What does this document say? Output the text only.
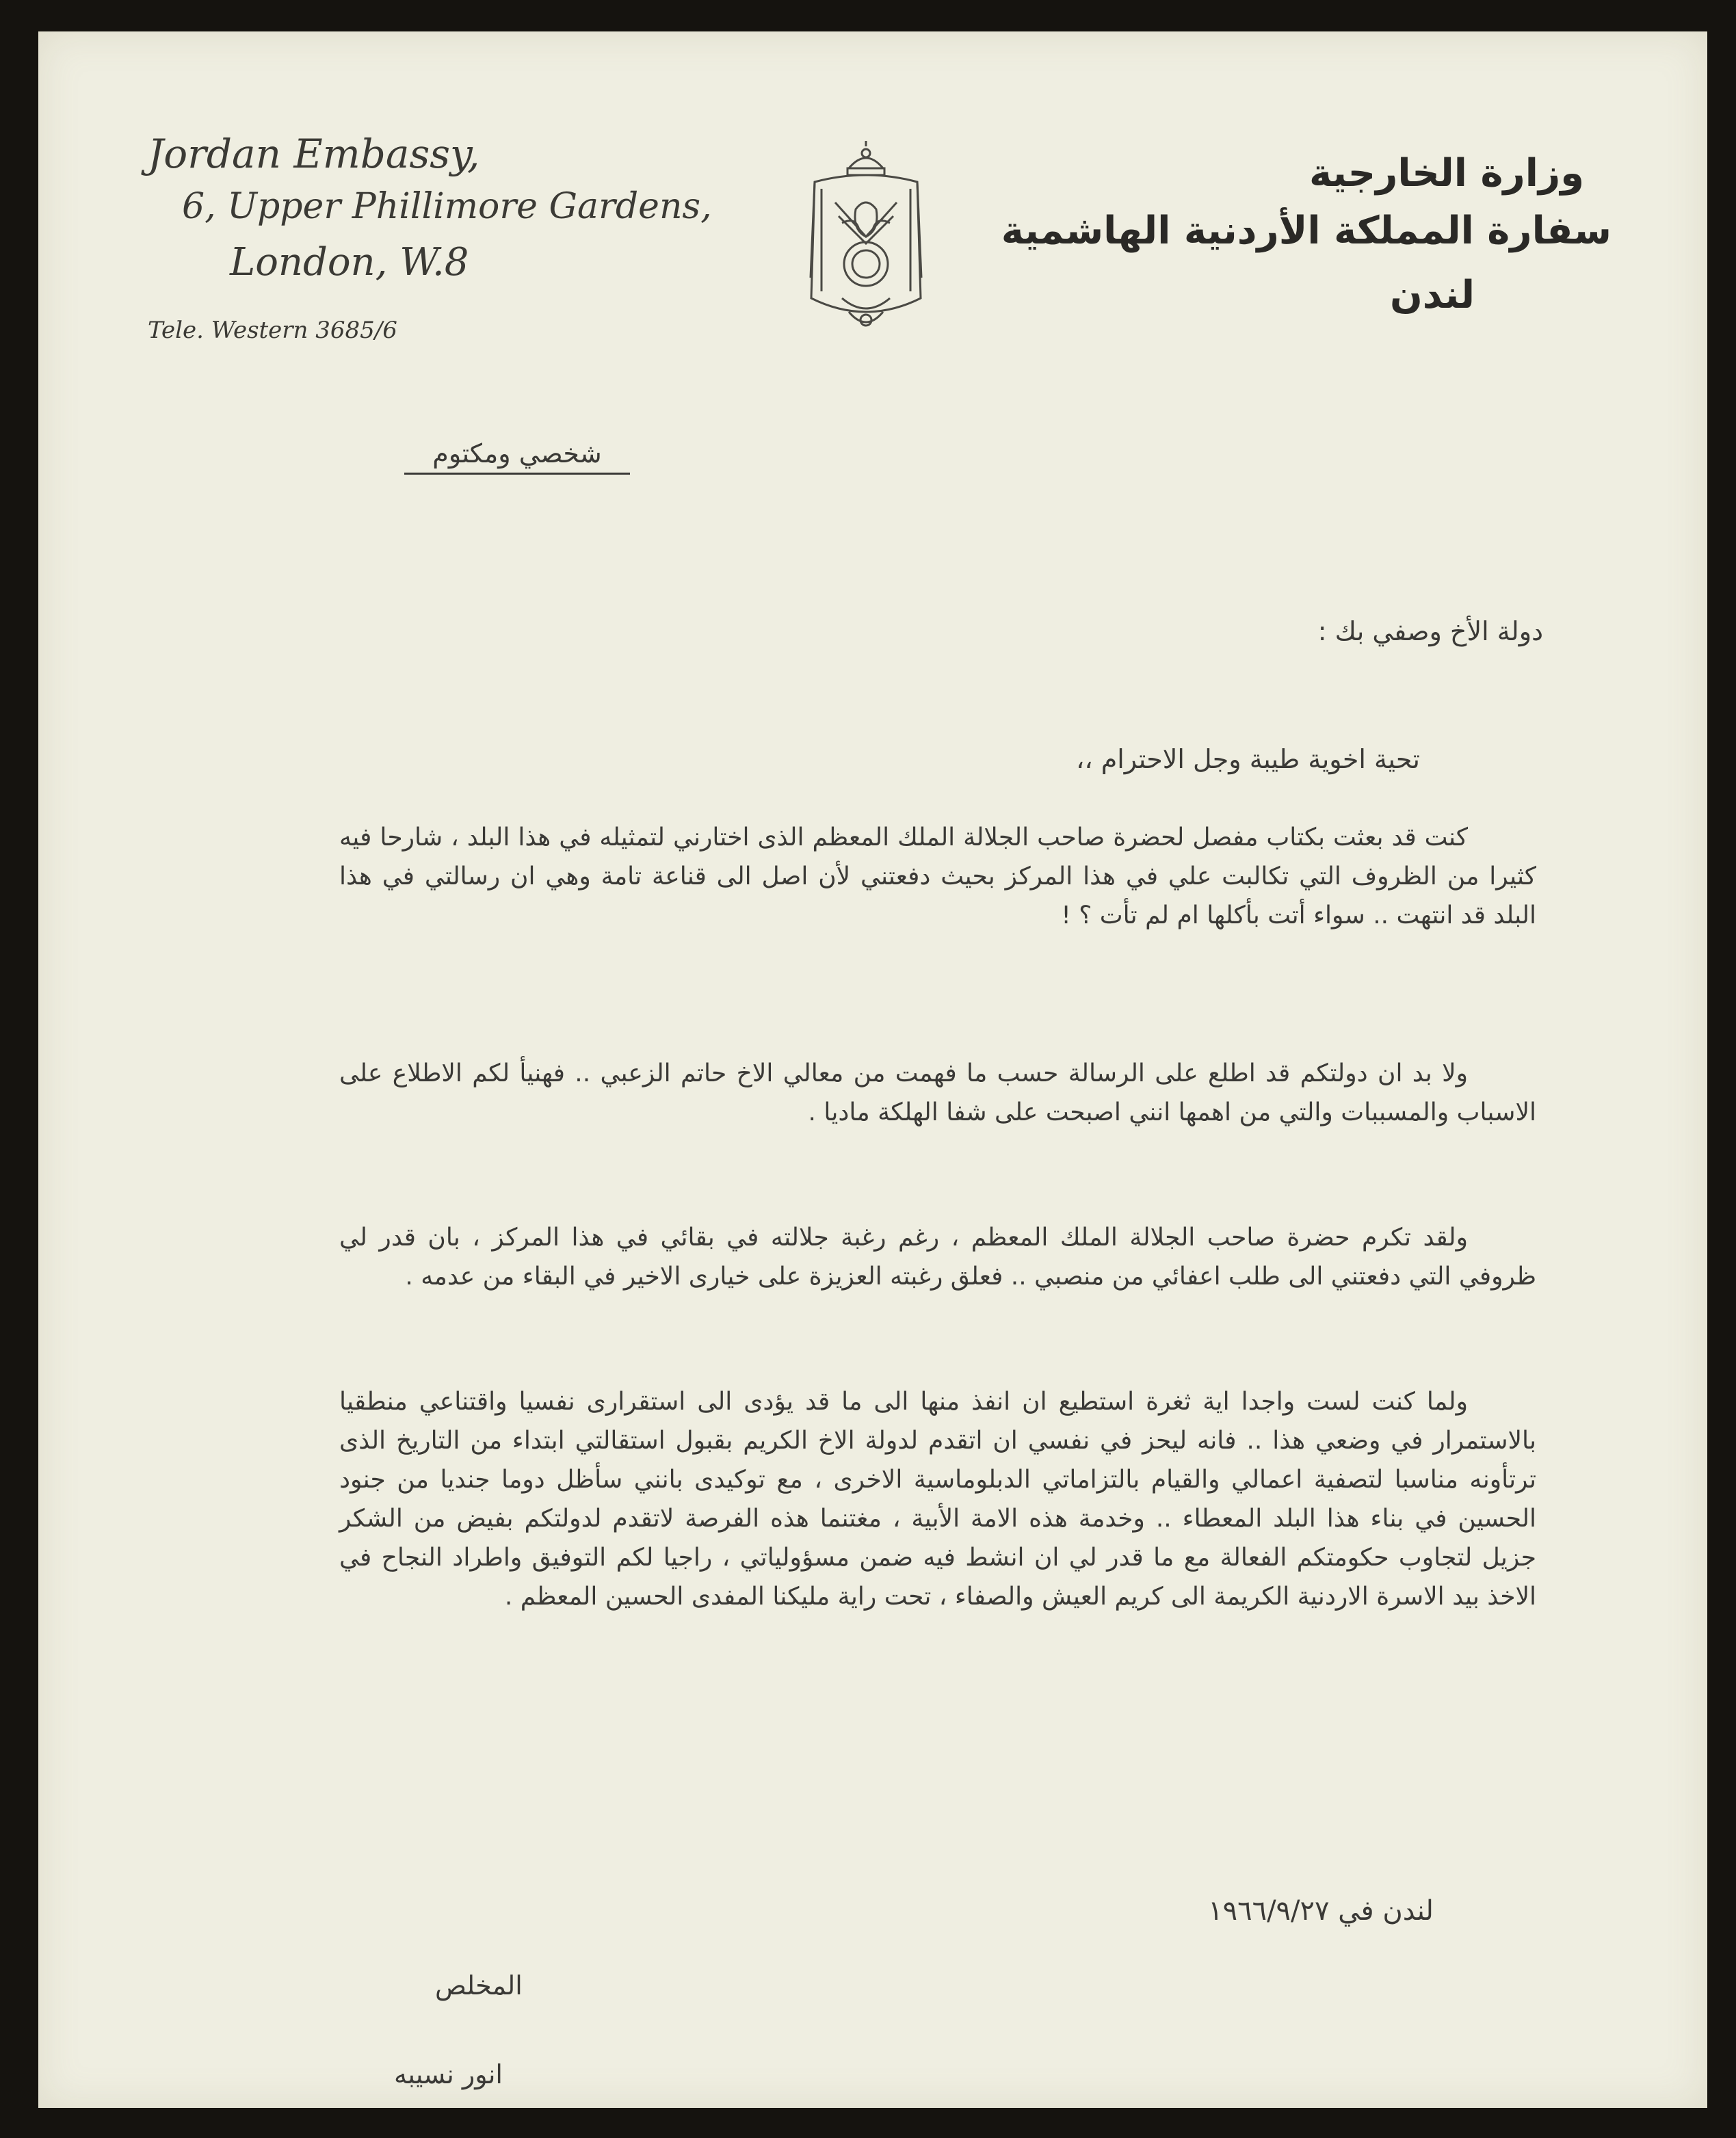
Jordan Embassy,
6, Upper Phillimore Gardens,
London, W.8
Tele. Western 3685/6
وزارة الخارجية
سفارة المملكة الأردنية الهاشمية
لندن
شخصي ومكتوم
دولة الأخ وصفي بك :
تحية اخوية طيبة وجل الاحترام ،،

كنت قد بعثت بكتاب مفصل لحضرة صاحب الجلالة الملك المعظم الذى اختارني لتمثيله في هذا البلد ، شارحا فيه كثيرا من الظروف التي تكالبت علي في هذا المركز بحيث دفعتني لأن اصل الى قناعة تامة وهي ان رسالتي في هذا البلد قد انتهت .. سواء أتت بأكلها ام لم تأت ؟ !

ولا بد ان دولتكم قد اطلع على الرسالة حسب ما فهمت من معالي الاخ حاتم الزعبي .. فهنيأ لكم الاطلاع على الاسباب والمسببات والتي من اهمها انني اصبحت على شفا الهلكة ماديا .

ولقد تكرم حضرة صاحب الجلالة الملك المعظم ، رغم رغبة جلالته في بقائي في هذا المركز ، بان قدر لي ظروفي التي دفعتني الى طلب اعفائي من منصبي .. فعلق رغبته العزيزة على خيارى الاخير في البقاء من عدمه .

ولما كنت لست واجدا اية ثغرة استطيع ان انفذ منها الى ما قد يؤدى الى استقرارى نفسيا واقتناعي منطقيا بالاستمرار في وضعي هذا .. فانه ليحز في نفسي ان اتقدم لدولة الاخ الكريم بقبول استقالتي ابتداء من التاريخ الذى ترتأونه مناسبا لتصفية اعمالي والقيام بالتزاماتي الدبلوماسية الاخرى ، مع توكيدى بانني سأظل دوما جنديا من جنود الحسين في بناء هذا البلد المعطاء .. وخدمة هذه الامة الأبية ، مغتنما هذه الفرصة لاتقدم لدولتكم بفيض من الشكر جزيل لتجاوب حكومتكم الفعالة مع ما قدر لي ان انشط فيه ضمن مسؤولياتي ، راجيا لكم التوفيق واطراد النجاح في الاخذ بيد الاسرة الاردنية الكريمة الى كريم العيش والصفاء ، تحت راية مليكنا المفدى الحسين المعظم .

لندن في ١٩٦٦/٩/٢٧
المخلص
انور نسيبه
